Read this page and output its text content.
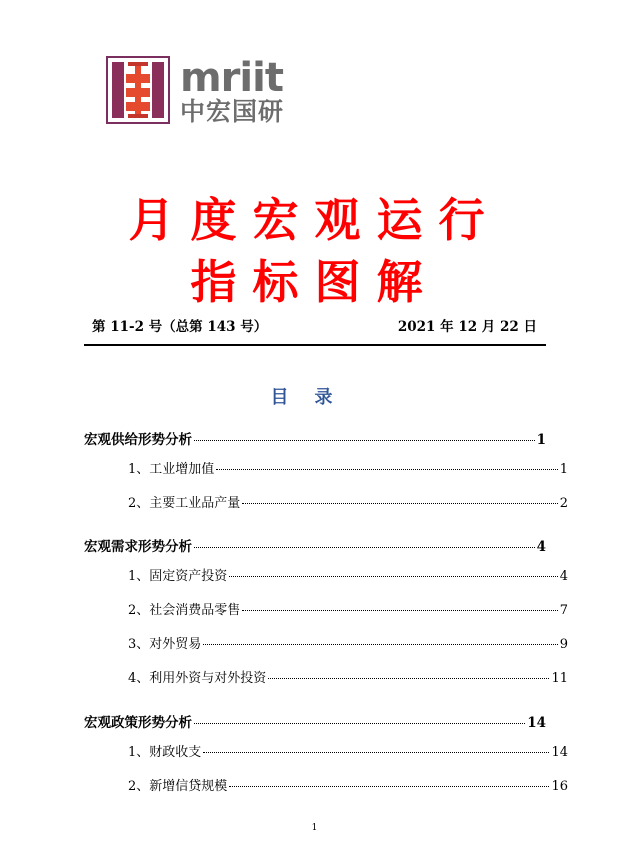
mriit
中宏国研
月度宏观运行
指标图解
第 11-2 号（总第 143 号）	2021 年 12 月 22 日
目录
宏观供给形势分析	1
1、工业增加值	1
2、主要工业品产量	2
宏观需求形势分析	4
1、固定资产投资	4
2、社会消费品零售	7
3、对外贸易	9
4、利用外资与对外投资	11
宏观政策形势分析	14
1、财政收支	14
2、新增信贷规模	16
1
